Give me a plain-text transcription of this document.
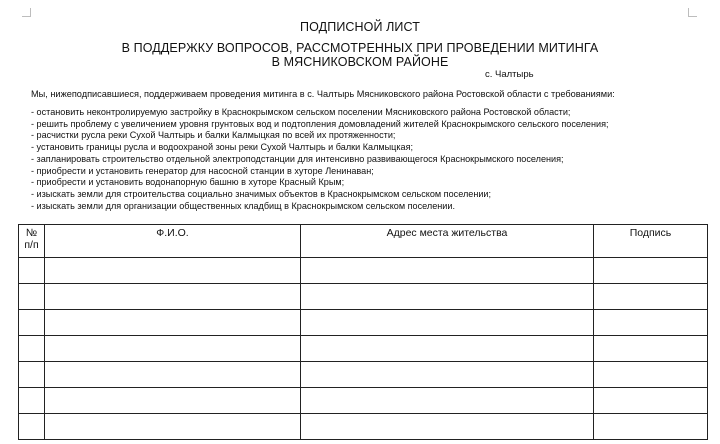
ПОДПИСНОЙ ЛИСТ
В ПОДДЕРЖКУ ВОПРОСОВ, РАССМОТРЕННЫХ ПРИ ПРОВЕДЕНИИ МИТИНГА
В МЯСНИКОВСКОМ РАЙОНЕ
с. Чалтырь
Мы, нижеподписавшиеся, поддерживаем проведения митинга в с. Чалтырь Мясниковского района Ростовской области с требованиями:
- остановить неконтролируемую застройку в Краснокрымском сельском поселении Мясниковского района Ростовской области;
- решить проблему с увеличением уровня грунтовых вод и подтопления домовладений жителей Краснокрымского сельского поселения;
- расчистки русла реки Сухой Чалтырь и балки Калмыцкая по всей их протяженности;
- установить границы русла и водоохраной зоны реки Сухой Чалтырь и балки Калмыцкая;
- запланировать строительство отдельной электроподстанции для интенсивно развивающегося Краснокрымского поселения;
- приобрести и установить генератор для насосной станции в хуторе Ленинаван;
- приобрести и установить водонапорную башню в хуторе Красный Крым;
- изыскать земли для строительства социально значимых объектов в Краснокрымском сельском поселении;
- изыскать земли для организации общественных кладбищ в Краснокрымском сельском поселении.
№
п/п	Ф.И.О.	Адрес места жительства	Подпись
